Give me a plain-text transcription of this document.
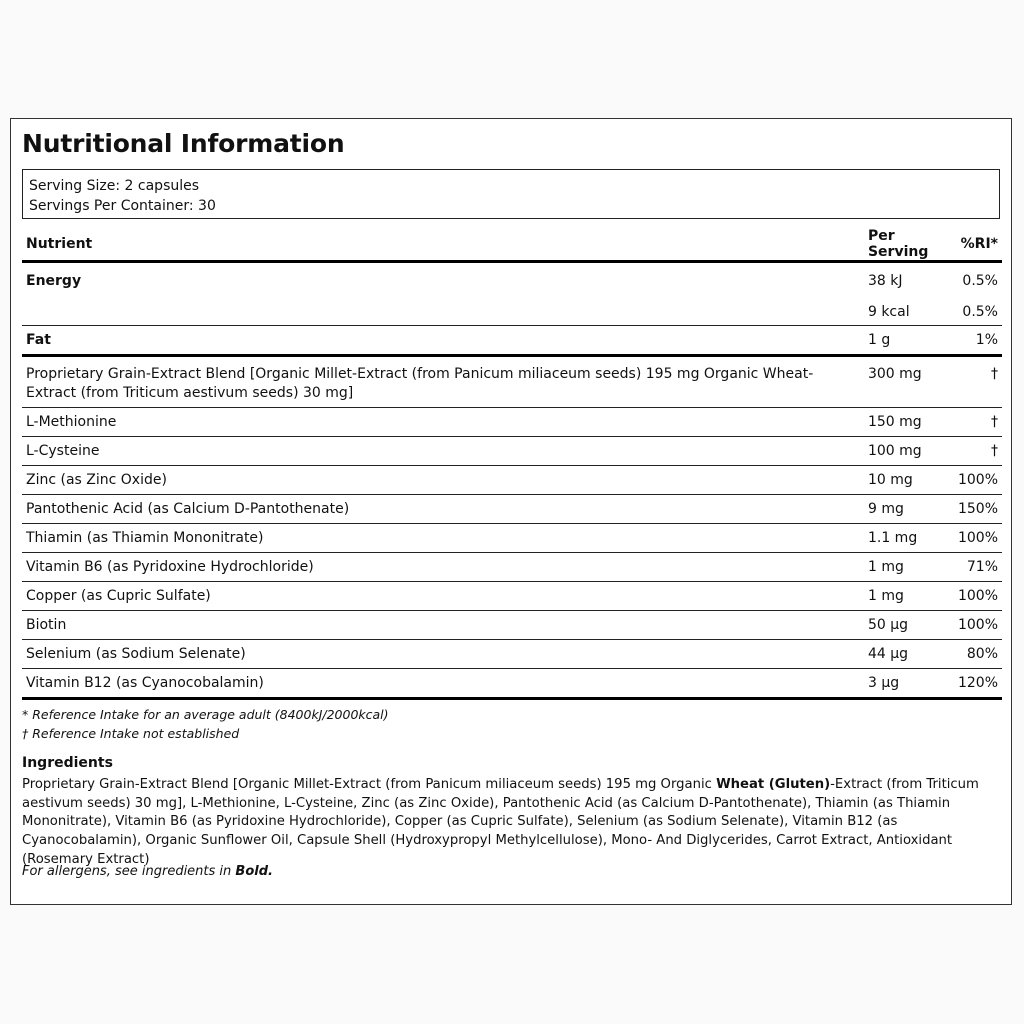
Nutritional Information
Serving Size: 2 capsules
Servings Per Container: 30
Nutrient	Per Serving	%RI*
Energy	38 kJ	0.5%
	9 kcal	0.5%
Fat	1 g	1%
Proprietary Grain-Extract Blend [Organic Millet-Extract (from Panicum miliaceum seeds) 195 mg Organic Wheat-Extract (from Triticum aestivum seeds) 30 mg]	300 mg	†
L-Methionine	150 mg	†
L-Cysteine	100 mg	†
Zinc (as Zinc Oxide)	10 mg	100%
Pantothenic Acid (as Calcium D-Pantothenate)	9 mg	150%
Thiamin (as Thiamin Mononitrate)	1.1 mg	100%
Vitamin B6 (as Pyridoxine Hydrochloride)	1 mg	71%
Copper (as Cupric Sulfate)	1 mg	100%
Biotin	50 µg	100%
Selenium (as Sodium Selenate)	44 µg	80%
Vitamin B12 (as Cyanocobalamin)	3 µg	120%
* Reference Intake for an average adult (8400kJ/2000kcal)
† Reference Intake not established
Ingredients
Proprietary Grain-Extract Blend [Organic Millet-Extract (from Panicum miliaceum seeds) 195 mg Organic Wheat (Gluten)-Extract (from Triticum aestivum seeds) 30 mg], L-Methionine, L-Cysteine, Zinc (as Zinc Oxide), Pantothenic Acid (as Calcium D-Pantothenate), Thiamin (as Thiamin Mononitrate), Vitamin B6 (as Pyridoxine Hydrochloride), Copper (as Cupric Sulfate), Selenium (as Sodium Selenate), Vitamin B12 (as Cyanocobalamin), Organic Sunflower Oil, Capsule Shell (Hydroxypropyl Methylcellulose), Mono- And Diglycerides, Carrot Extract, Antioxidant (Rosemary Extract)
For allergens, see ingredients in Bold.
